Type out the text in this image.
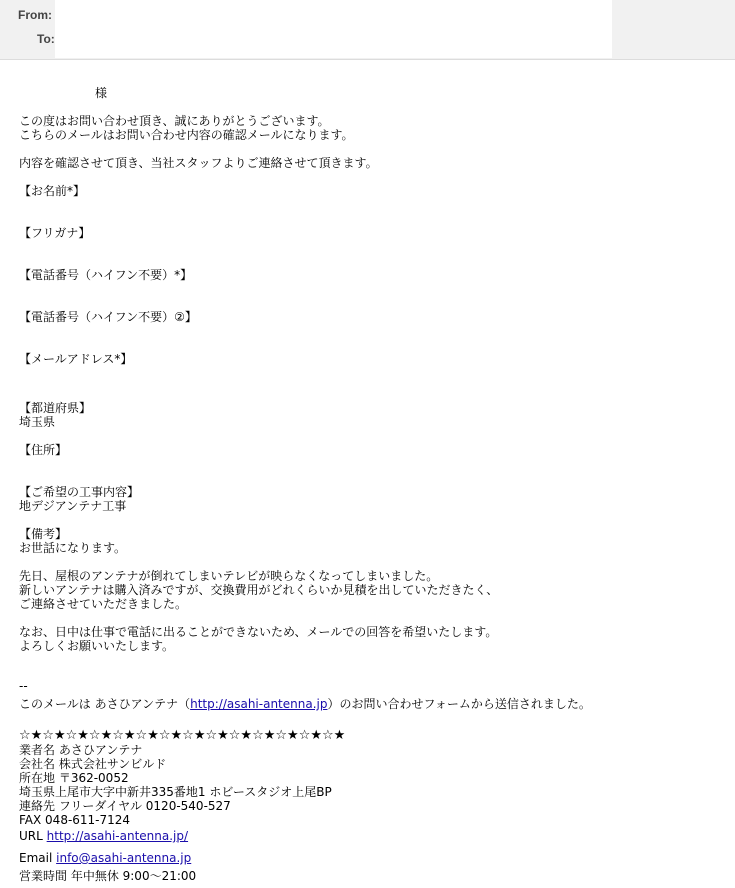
From:
To:
様
この度はお問い合わせ頂き、誠にありがとうございます。
こちらのメールはお問い合わせ内容の確認メールになります。
内容を確認させて頂き、当社スタッフよりご連絡させて頂きます。
【お名前*】
【フリガナ】
【電話番号（ハイフン不要）*】
【電話番号（ハイフン不要）②】
【メールアドレス*】
【都道府県】
埼玉県
【住所】
【ご希望の工事内容】
地デジアンテナ工事
【備考】
お世話になります。
先日、屋根のアンテナが倒れてしまいテレビが映らなくなってしまいました。
新しいアンテナは購入済みですが、交換費用がどれくらいか見積を出していただきたく、
ご連絡させていただきました。
なお、日中は仕事で電話に出ることができないため、メールでの回答を希望いたします。
よろしくお願いいたします。
--
このメールは あさひアンテナ（http://asahi-antenna.jp）のお問い合わせフォームから送信されました。
☆★☆★☆★☆★☆★☆★☆★☆★☆★☆★☆★☆★☆★☆★
業者名 あさひアンテナ
会社名 株式会社サンビルド
所在地 〒362-0052
埼玉県上尾市大字中新井335番地1 ホビースタジオ上尾BP
連絡先 フリーダイヤル 0120-540-527
FAX 048-611-7124
URL http://asahi-antenna.jp/
Email info@asahi-antenna.jp
営業時間 年中無休 9:00～21:00
